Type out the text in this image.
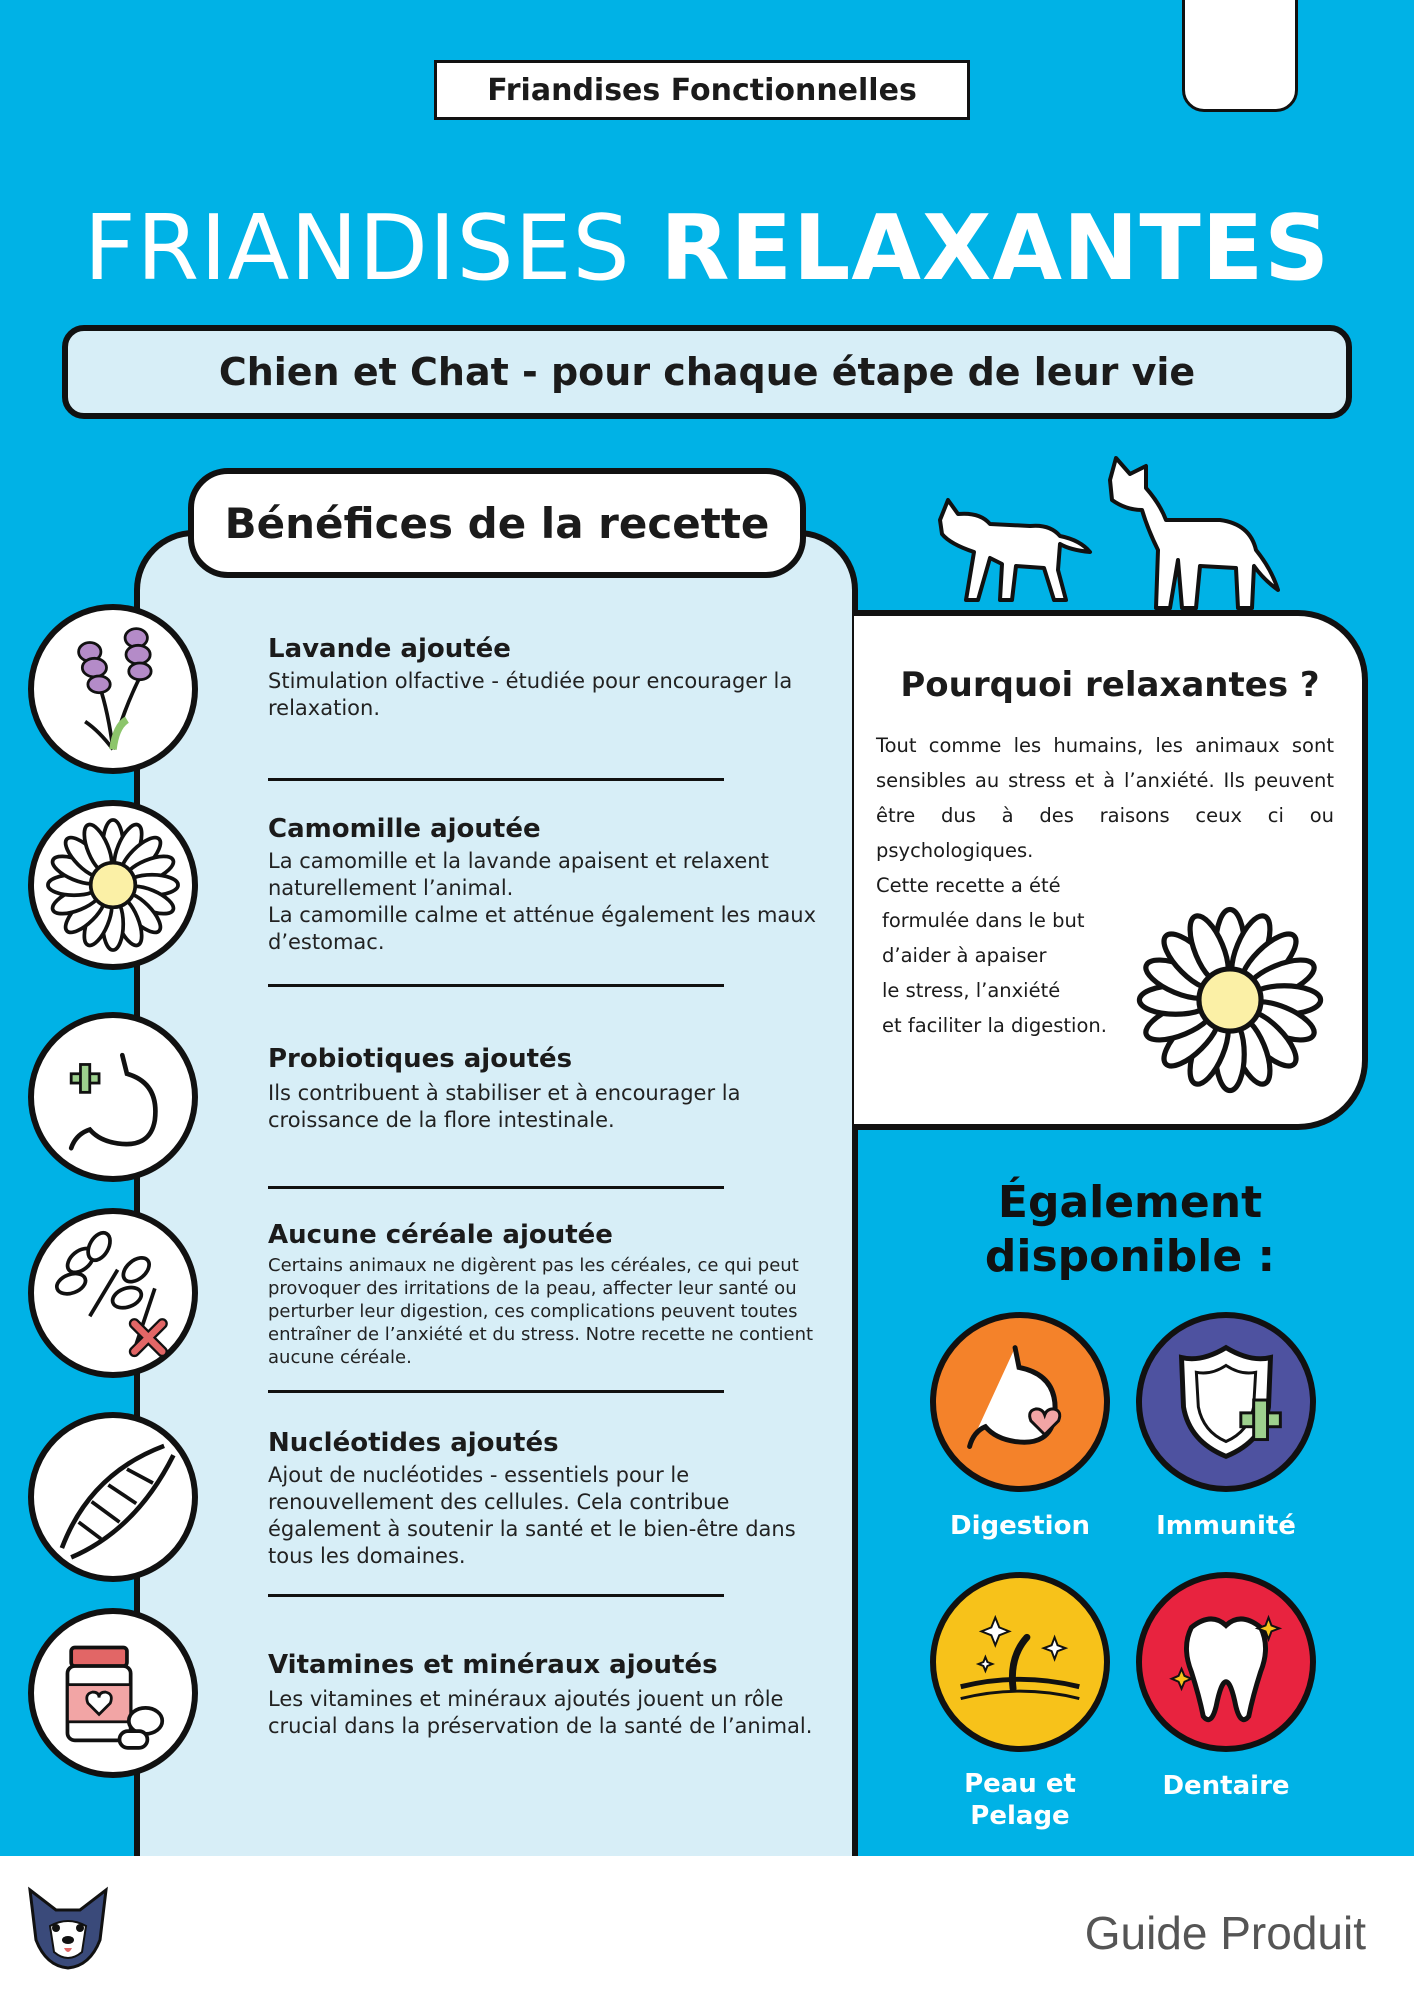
Friandises Fonctionnelles
FRIANDISES RELAXANTES
Chien et Chat - pour chaque étape de leur vie
Bénéfices de la recette
Lavande ajoutée
Stimulation olfactive - étudiée pour encourager la relaxation.
Camomille ajoutée
La camomille et la lavande apaisent et relaxent naturellement l’animal.
La camomille calme et atténue également les maux d’estomac.
Probiotiques ajoutés
Ils contribuent à stabiliser et à encourager la croissance de la flore intestinale.
Aucune céréale ajoutée
Certains animaux ne digèrent pas les céréales, ce qui peut provoquer des irritations de la peau, affecter leur santé ou perturber leur digestion, ces complications peuvent toutes entraîner de l’anxiété et du stress. Notre recette ne contient aucune céréale.
Nucléotides ajoutés
Ajout de nucléotides - essentiels pour le renouvellement des cellules. Cela contribue également à soutenir la santé et le bien-être dans tous les domaines.
Vitamines et minéraux ajoutés
Les vitamines et minéraux ajoutés jouent un rôle crucial dans la préservation de la santé de l’animal.
Pourquoi relaxantes ?
Tout comme les humains, les animaux sont sensibles au stress et à l’anxiété. Ils peuvent être dus à des raisons ceux ci ou psychologiques.
Cette recette a été
formulée dans le but
d’aider à apaiser
le stress, l’anxiété
et faciliter la digestion.
Également
disponible :
Digestion	Immunité
Peau et
Pelage
Dentaire
Guide Produit
